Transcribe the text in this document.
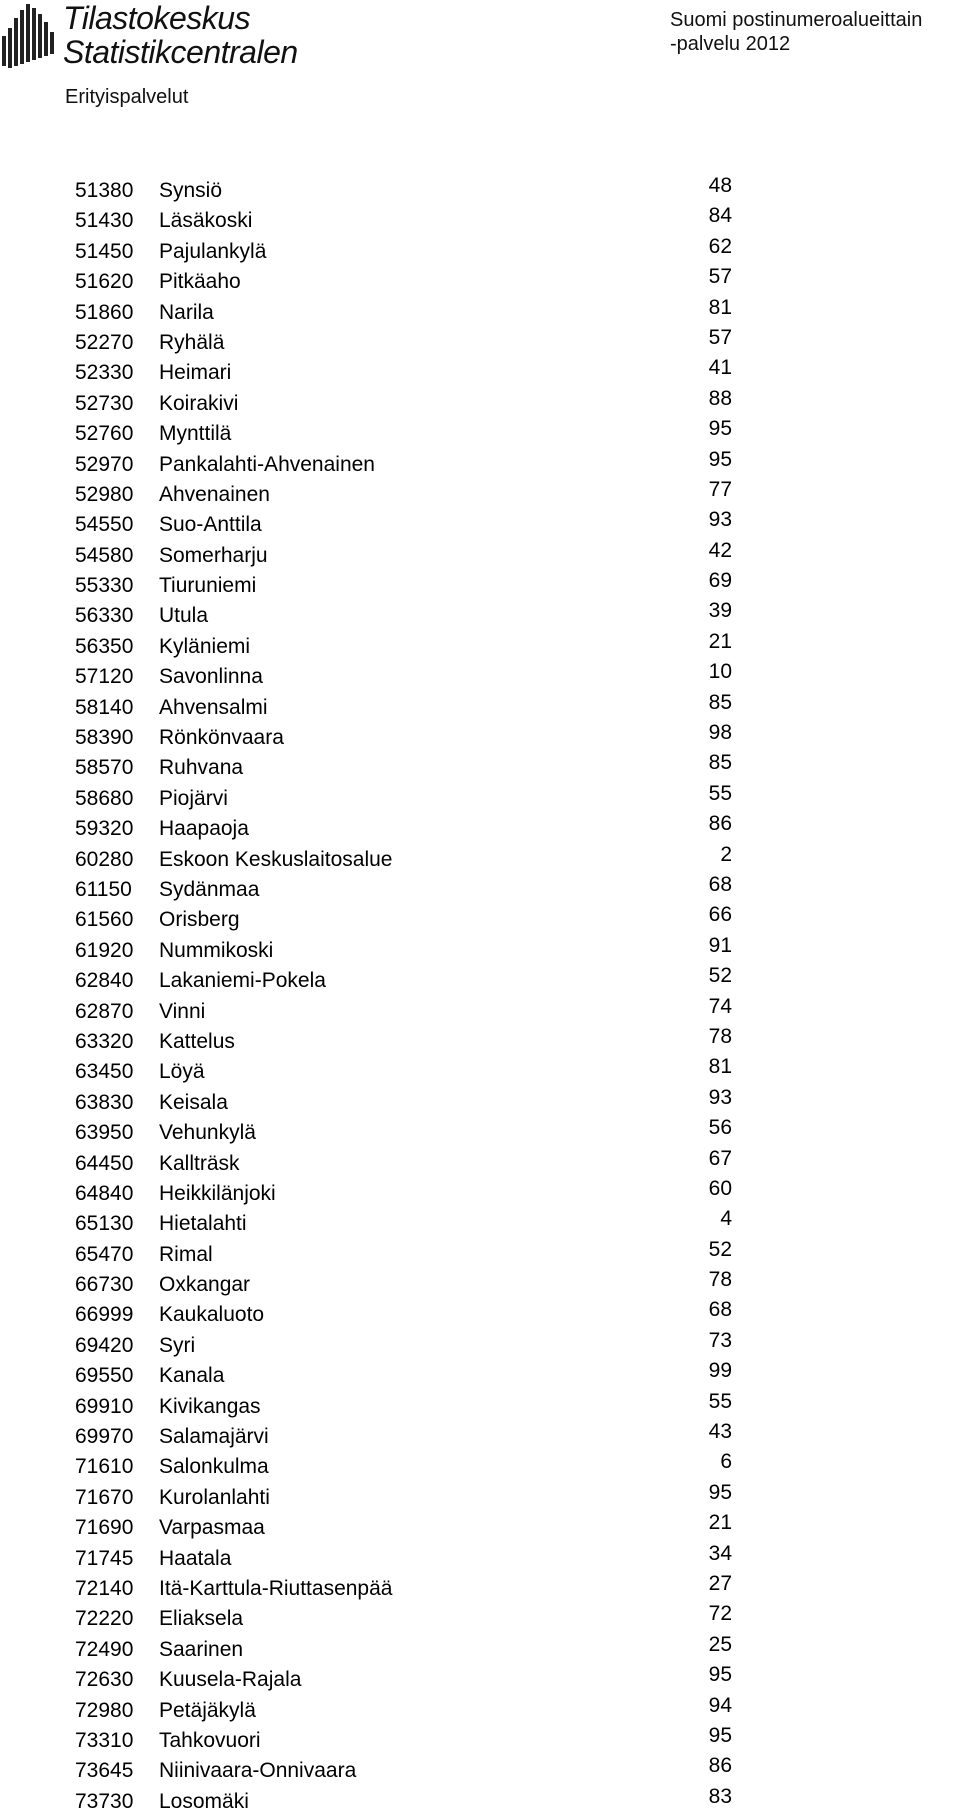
Tilastokeskus
Statistikcentralen
Suomi postinumeroalueittain
-palvelu 2012
Erityispalvelut
51380 Synsiö	48
51430 Läsäkoski	84
51450 Pajulankylä	62
51620 Pitkäaho	57
51860 Narila	81
52270 Ryhälä	57
52330 Heimari	41
52730 Koirakivi	88
52760 Mynttilä	95
52970 Pankalahti-Ahvenainen	95
52980 Ahvenainen	77
54550 Suo-Anttila	93
54580 Somerharju	42
55330 Tiuruniemi	69
56330 Utula	39
56350 Kyläniemi	21
57120 Savonlinna	10
58140 Ahvensalmi	85
58390 Rönkönvaara	98
58570 Ruhvana	85
58680 Piojärvi	55
59320 Haapaoja	86
60280 Eskoon Keskuslaitosalue	2
61150 Sydänmaa	68
61560 Orisberg	66
61920 Nummikoski	91
62840 Lakaniemi-Pokela	52
62870 Vinni	74
63320 Kattelus	78
63450 Löyä	81
63830 Keisala	93
63950 Vehunkylä	56
64450 Kallträsk	67
64840 Heikkilänjoki	60
65130 Hietalahti	4
65470 Rimal	52
66730 Oxkangar	78
66999 Kaukaluoto	68
69420 Syri	73
69550 Kanala	99
69910 Kivikangas	55
69970 Salamajärvi	43
71610 Salonkulma	6
71670 Kurolanlahti	95
71690 Varpasmaa	21
71745 Haatala	34
72140 Itä-Karttula-Riuttasenpää	27
72220 Eliaksela	72
72490 Saarinen	25
72630 Kuusela-Rajala	95
72980 Petäjäkylä	94
73310 Tahkovuori	95
73645 Niinivaara-Onnivaara	86
73730 Losomäki	83
